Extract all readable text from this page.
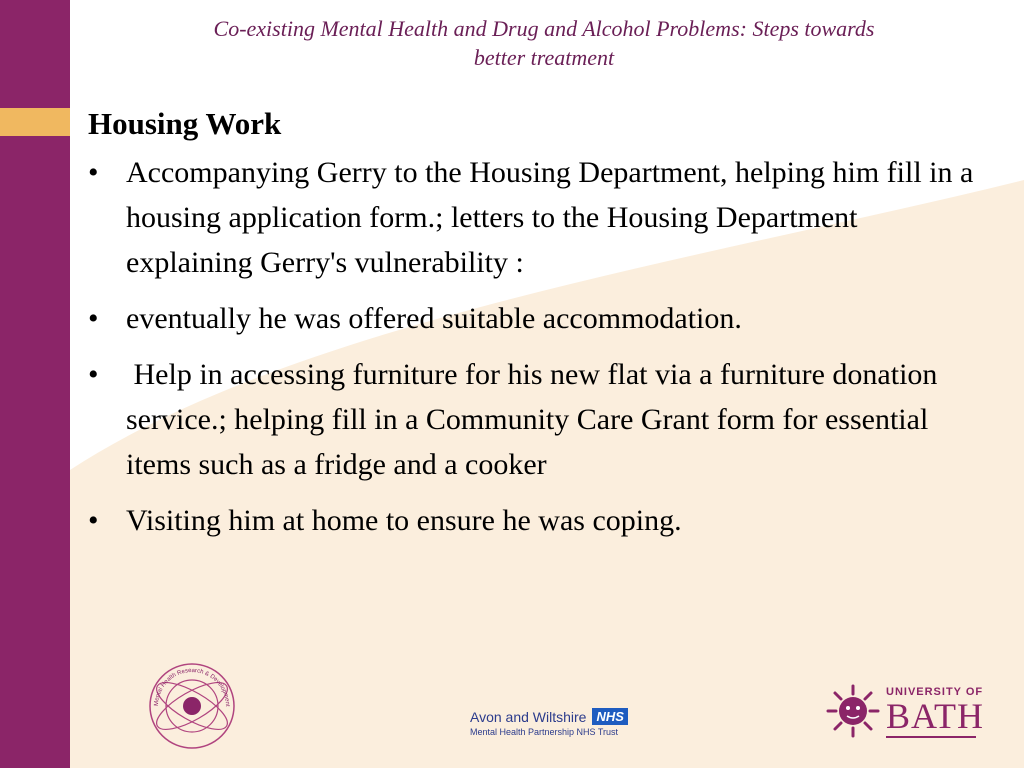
Co-existing Mental Health and Drug and Alcohol Problems: Steps towards
better treatment
Housing Work
• Accompanying Gerry to the Housing Department, helping him fill in a housing application form.; letters to the Housing Department explaining Gerry's vulnerability :
• eventually he was offered suitable accommodation.
• Help in accessing furniture for his new flat via a furniture donation service.; helping fill in a Community Care Grant form for essential items such as a fridge and a cooker
• Visiting him at home to ensure he was coping.
Mental Health Research & Development
Avon and Wiltshire NHS
Mental Health Partnership NHS Trust
UNIVERSITY OF
BATH
